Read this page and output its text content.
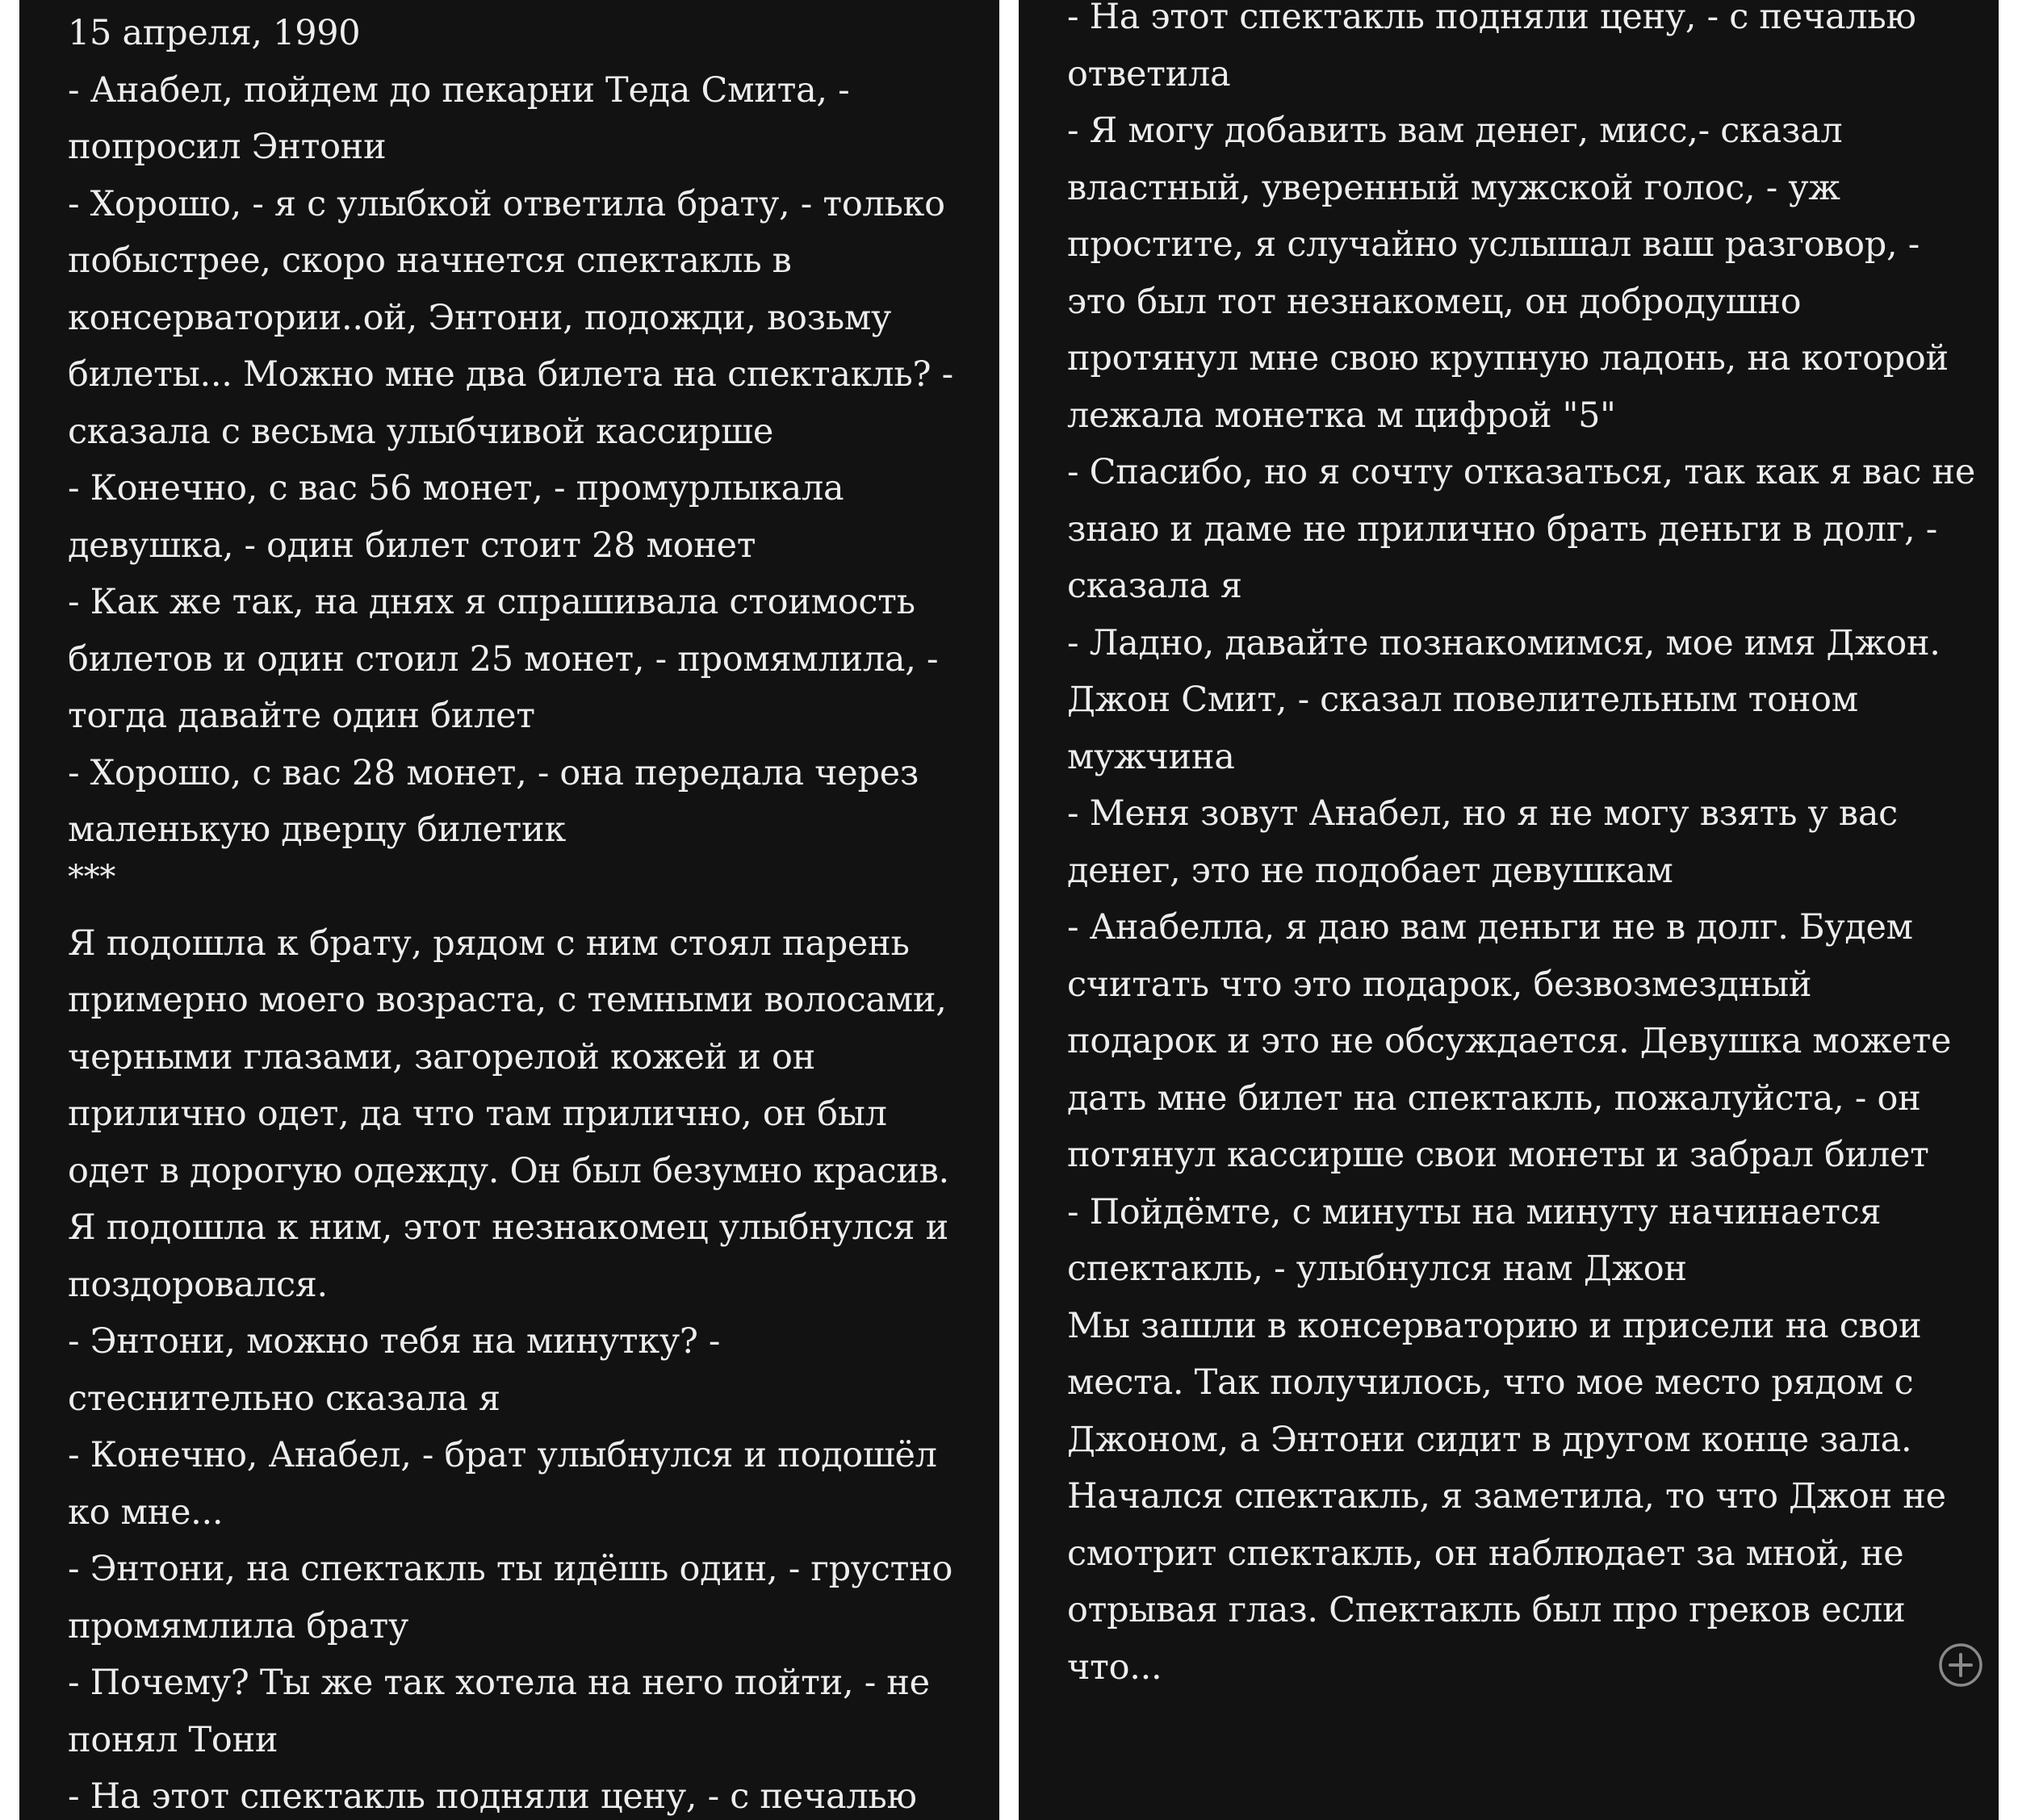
15 апреля, 1990
- Анабел, пойдем до пекарни Теда Смита, -
попросил Энтони
- Хорошо, - я с улыбкой ответила брату, - только
побыстрее, скоро начнется спектакль в
консерватории..ой, Энтони, подожди, возьму
билеты... Можно мне два билета на спектакль? -
сказала с весьма улыбчивой кассирше
- Конечно, с вас 56 монет, - промурлыкала
девушка, - один билет стоит 28 монет
- Как же так, на днях я спрашивала стоимость
билетов и один стоил 25 монет, - промямлила, -
тогда давайте один билет
- Хорошо, с вас 28 монет, - она передала через
маленькую дверцу билетик
***
Я подошла к брату, рядом с ним стоял парень
примерно моего возраста, с темными волосами,
черными глазами, загорелой кожей и он
прилично одет, да что там прилично, он был
одет в дорогую одежду. Он был безумно красив.
Я подошла к ним, этот незнакомец улыбнулся и
поздоровался.
- Энтони, можно тебя на минутку? -
стеснительно сказала я
- Конечно, Анабел, - брат улыбнулся и подошёл
ко мне...
- Энтони, на спектакль ты идёшь один, - грустно
промямлила брату
- Почему? Ты же так хотела на него пойти, - не
понял Тони
- На этот спектакль подняли цену, - с печалью
- На этот спектакль подняли цену, - с печалью
ответила
- Я могу добавить вам денег, мисс,- сказал
властный, уверенный мужской голос, - уж
простите, я случайно услышал ваш разговор, -
это был тот незнакомец, он добродушно
протянул мне свою крупную ладонь, на которой
лежала монетка м цифрой "5"
- Спасибо, но я сочту отказаться, так как я вас не
знаю и даме не прилично брать деньги в долг, -
сказала я
- Ладно, давайте познакомимся, мое имя Джон.
Джон Смит, - сказал повелительным тоном
мужчина
- Меня зовут Анабел, но я не могу взять у вас
денег, это не подобает девушкам
- Анабелла, я даю вам деньги не в долг. Будем
считать что это подарок, безвозмездный
подарок и это не обсуждается. Девушка можете
дать мне билет на спектакль, пожалуйста, - он
потянул кассирше свои монеты и забрал билет
- Пойдёмте, с минуты на минуту начинается
спектакль, - улыбнулся нам Джон
Мы зашли в консерваторию и присели на свои
места. Так получилось, что мое место рядом с
Джоном, а Энтони сидит в другом конце зала.
Начался спектакль, я заметила, то что Джон не
смотрит спектакль, он наблюдает за мной, не
отрывая глаз. Спектакль был про греков если
что...
